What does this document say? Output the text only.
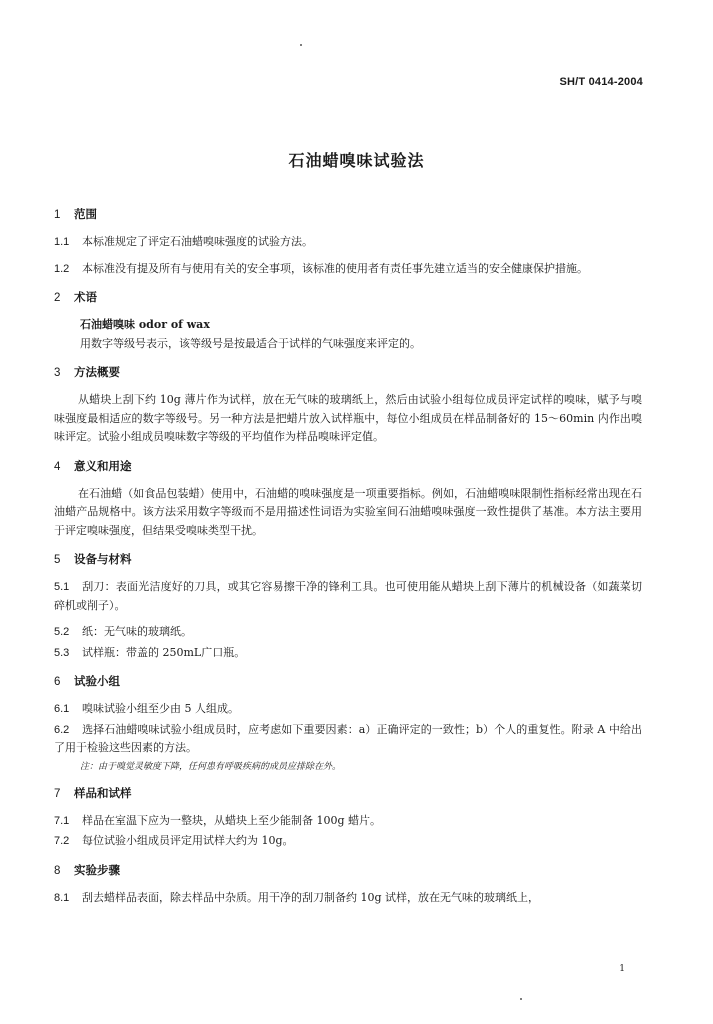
SH/T 0414-2004
石油蜡嗅味试验法
1 范围
1.1 本标准规定了评定石油蜡嗅味强度的试验方法。
1.2 本标准没有提及所有与使用有关的安全事项，该标准的使用者有责任事先建立适当的安全健康保护措施。
2 术语
石油蜡嗅味 odor of wax
用数字等级号表示，该等级号是按最适合于试样的气味强度来评定的。
3 方法概要
从蜡块上刮下约 10g 薄片作为试样，放在无气味的玻璃纸上，然后由试验小组每位成员评定试样的嗅味，赋予与嗅味强度最相适应的数字等级号。另一种方法是把蜡片放入试样瓶中，每位小组成员在样品制备好的 15～60min 内作出嗅味评定。试验小组成员嗅味数字等级的平均值作为样品嗅味评定值。
4 意义和用途
在石油蜡（如食品包装蜡）使用中，石油蜡的嗅味强度是一项重要指标。例如，石油蜡嗅味限制性指标经常出现在石油蜡产品规格中。该方法采用数字等级而不是用描述性词语为实验室间石油蜡嗅味强度一致性提供了基准。本方法主要用于评定嗅味强度，但结果受嗅味类型干扰。
5 设备与材料
5.1 刮刀：表面光洁度好的刀具，或其它容易擦干净的锋利工具。也可使用能从蜡块上刮下薄片的机械设备（如蔬菜切碎机或削子）。
5.2 纸：无气味的玻璃纸。
5.3 试样瓶：带盖的 250mL广口瓶。
6 试验小组
6.1 嗅味试验小组至少由 5 人组成。
6.2 选择石油蜡嗅味试验小组成员时，应考虑如下重要因素：a）正确评定的一致性；b）个人的重复性。附录 A 中给出了用于检验这些因素的方法。
注：由于嗅觉灵敏度下降，任何患有呼吸疾病的成员应排除在外。
7 样品和试样
7.1 样品在室温下应为一整块，从蜡块上至少能制备 100g 蜡片。
7.2 每位试验小组成员评定用试样大约为 10g。
8 实验步骤
8.1 刮去蜡样品表面，除去样品中杂质。用干净的刮刀制备约 10g 试样，放在无气味的玻璃纸上，
1
